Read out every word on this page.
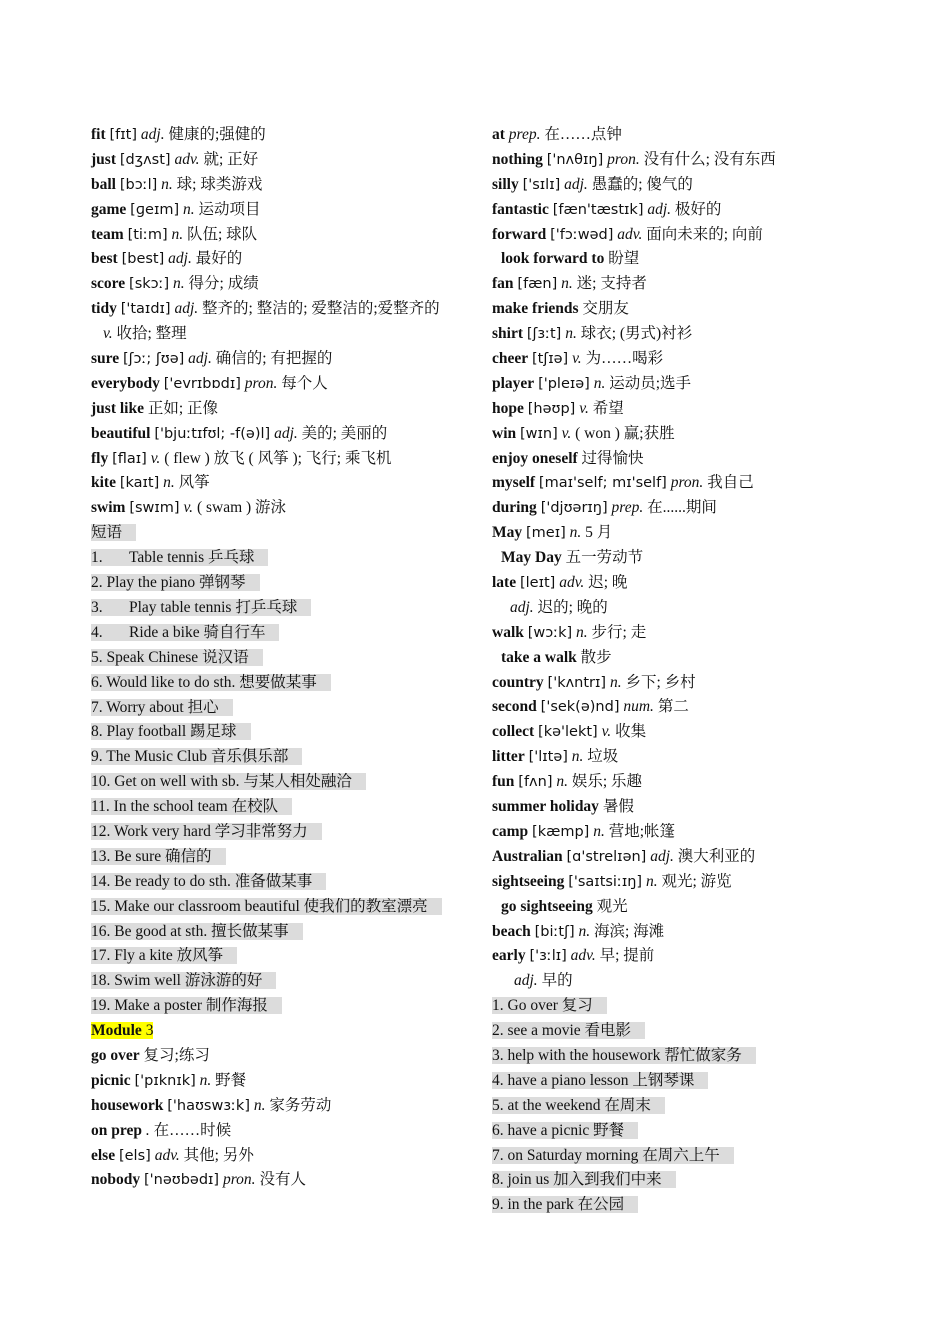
fit [fɪt] adj. 健康的;强健的
just [dʒʌst] adv. 就; 正好
ball [bɔːl] n. 球; 球类游戏
game [ɡeɪm] n. 运动项目
team [tiːm] n. 队伍; 球队
best [best] adj. 最好的
score [skɔː] n. 得分; 成绩
tidy ['taɪdɪ] adj. 整齐的; 整洁的; 爱整洁的;爱整齐的
v. 收拾; 整理
sure [ʃɔː; ʃʊə] adj. 确信的; 有把握的
everybody ['evrɪbɒdɪ] pron. 每个人
just like 正如; 正像
beautiful ['bjuːtɪfʊl; -f(ə)l] adj. 美的; 美丽的
fly [flaɪ] v. ( flew ) 放飞 ( 风筝 ); 飞行; 乘飞机
kite [kaɪt] n. 风筝
swim [swɪm] v. ( swam ) 游泳
短语
1. Table tennis 乒乓球
2. Play the piano 弹钢琴
3. Play table tennis 打乒乓球
4. Ride a bike 骑自行车
5. Speak Chinese 说汉语
6. Would like to do sth. 想要做某事
7. Worry about 担心
8. Play football 踢足球
9. The Music Club 音乐俱乐部
10. Get on well with sb. 与某人相处融洽
11. In the school team 在校队
12. Work very hard 学习非常努力
13. Be sure 确信的
14. Be ready to do sth. 准备做某事
15. Make our classroom beautiful 使我们的教室漂亮
16. Be good at sth. 擅长做某事
17. Fly a kite 放风筝
18. Swim well 游泳游的好
19. Make a poster 制作海报
Module 3
go over 复习;练习
picnic ['pɪknɪk] n. 野餐
housework ['haʊswɜːk] n. 家务劳动
on prep . 在……时候
else [els] adv. 其他; 另外
nobody ['nəʊbədɪ] pron. 没有人
at prep. 在……点钟
nothing ['nʌθɪŋ] pron. 没有什么; 没有东西
silly ['sɪlɪ] adj. 愚蠢的; 傻气的
fantastic [fæn'tæstɪk] adj. 极好的
forward ['fɔːwəd] adv. 面向未来的; 向前
look forward to 盼望
fan [fæn] n. 迷; 支持者
make friends 交朋友
shirt [ʃɜːt] n. 球衣; (男式)衬衫
cheer [tʃɪə] v. 为……喝彩
player ['pleɪə] n. 运动员;选手
hope [həʊp] v. 希望
win [wɪn] v. ( won ) 赢;获胜
enjoy oneself 过得愉快
myself [maɪ'self; mɪ'self] pron. 我自己
during ['djʊərɪŋ] prep. 在......期间
May [meɪ] n. 5 月
May Day 五一劳动节
late [leɪt] adv. 迟; 晚
adj. 迟的; 晚的
walk [wɔːk] n. 步行; 走
take a walk 散步
country ['kʌntrɪ] n. 乡下; 乡村
second ['sek(ə)nd] num. 第二
collect [kə'lekt] v. 收集
litter ['lɪtə] n. 垃圾
fun [fʌn] n. 娱乐; 乐趣
summer holiday 暑假
camp [kæmp] n. 营地;帐篷
Australian [ɑ'strelɪən] adj. 澳大利亚的
sightseeing ['saɪtsiːɪŋ] n. 观光; 游览
go sightseeing 观光
beach [biːtʃ] n. 海滨; 海滩
early ['ɜːlɪ] adv. 早; 提前
adj. 早的
1. Go over 复习
2. see a movie 看电影
3. help with the housework 帮忙做家务
4. have a piano lesson 上钢琴课
5. at the weekend 在周末
6. have a picnic 野餐
7. on Saturday morning 在周六上午
8. join us 加入到我们中来
9. in the park 在公园
